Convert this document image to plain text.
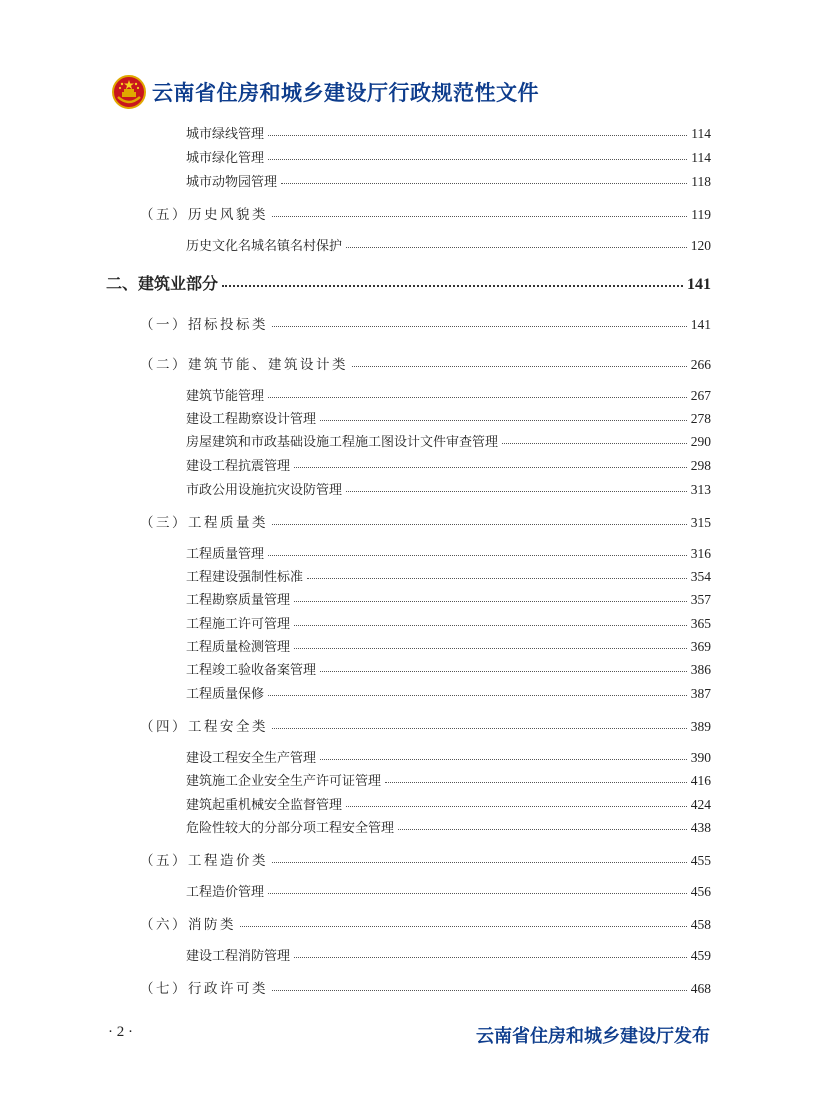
云南省住房和城乡建设厅行政规范性文件
城市绿线管理	114
城市绿化管理	114
城市动物园管理	118
（五）历史风貌类	119
历史文化名城名镇名村保护	120
二、建筑业部分	141
（一）招标投标类	141
（二）建筑节能、建筑设计类	266
建筑节能管理	267
建设工程勘察设计管理	278
房屋建筑和市政基础设施工程施工图设计文件审查管理	290
建设工程抗震管理	298
市政公用设施抗灾设防管理	313
（三）工程质量类	315
工程质量管理	316
工程建设强制性标准	354
工程勘察质量管理	357
工程施工许可管理	365
工程质量检测管理	369
工程竣工验收备案管理	386
工程质量保修	387
（四）工程安全类	389
建设工程安全生产管理	390
建筑施工企业安全生产许可证管理	416
建筑起重机械安全监督管理	424
危险性较大的分部分项工程安全管理	438
（五）工程造价类	455
工程造价管理	456
（六）消防类	458
建设工程消防管理	459
（七）行政许可类	468
· 2 ·	云南省住房和城乡建设厅发布
